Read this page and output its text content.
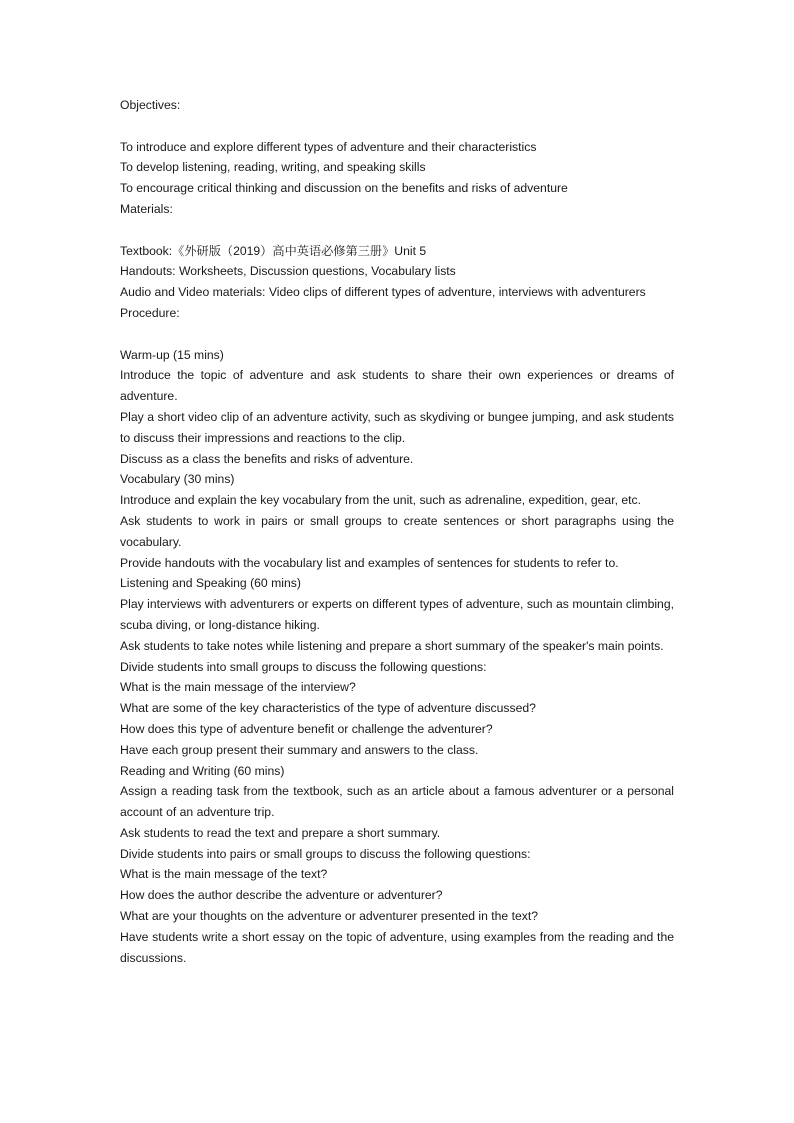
Objectives:

To introduce and explore different types of adventure and their characteristics

To develop listening, reading, writing, and speaking skills

To encourage critical thinking and discussion on the benefits and risks of adventure

Materials:

Textbook:《外研版（2019）高中英语必修第三册》Unit 5

Handouts: Worksheets, Discussion questions, Vocabulary lists

Audio and Video materials: Video clips of different types of adventure, interviews with adventurers

Procedure:

Warm-up (15 mins)

Introduce the topic of adventure and ask students to share their own experiences or dreams of adventure.

Play a short video clip of an adventure activity, such as skydiving or bungee jumping, and ask students to discuss their impressions and reactions to the clip.

Discuss as a class the benefits and risks of adventure.

Vocabulary (30 mins)

Introduce and explain the key vocabulary from the unit, such as adrenaline, expedition, gear, etc.

Ask students to work in pairs or small groups to create sentences or short paragraphs using the vocabulary.

Provide handouts with the vocabulary list and examples of sentences for students to refer to.

Listening and Speaking (60 mins)

Play interviews with adventurers or experts on different types of adventure, such as mountain climbing, scuba diving, or long-distance hiking.

Ask students to take notes while listening and prepare a short summary of the speaker's main points.

Divide students into small groups to discuss the following questions:

What is the main message of the interview?

What are some of the key characteristics of the type of adventure discussed?

How does this type of adventure benefit or challenge the adventurer?

Have each group present their summary and answers to the class.

Reading and Writing (60 mins)

Assign a reading task from the textbook, such as an article about a famous adventurer or a personal account of an adventure trip.

Ask students to read the text and prepare a short summary.

Divide students into pairs or small groups to discuss the following questions:

What is the main message of the text?

How does the author describe the adventure or adventurer?

What are your thoughts on the adventure or adventurer presented in the text?

Have students write a short essay on the topic of adventure, using examples from the reading and the discussions.
